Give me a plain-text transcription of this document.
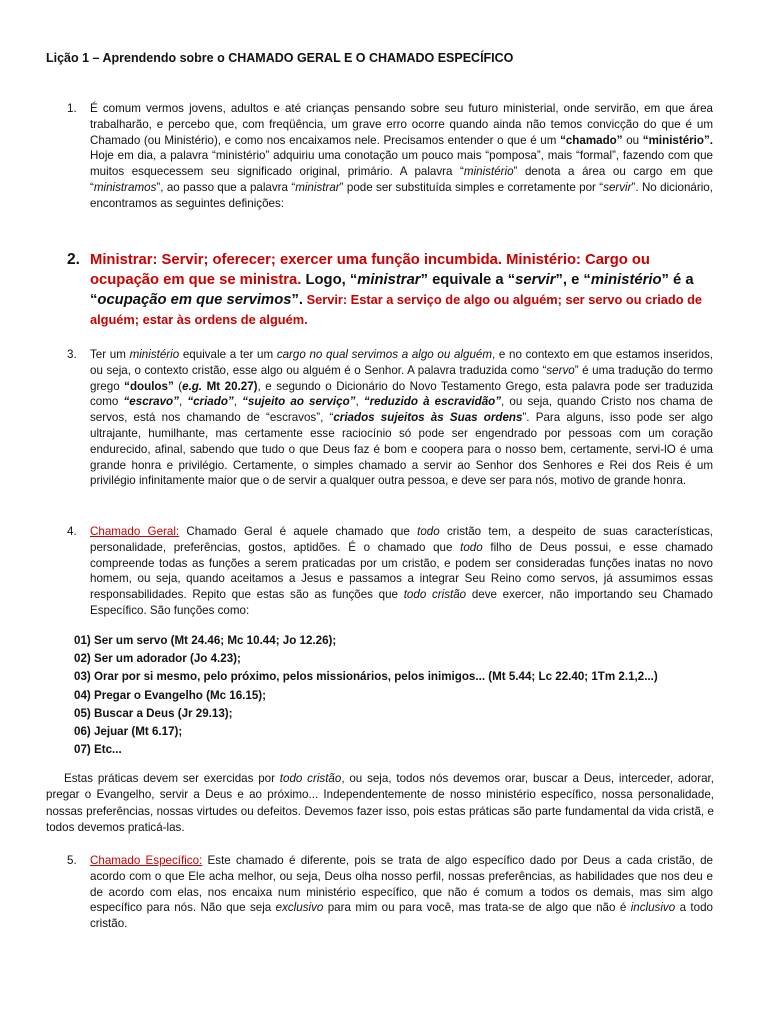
Lição 1 – Aprendendo sobre o CHAMADO GERAL E O CHAMADO ESPECÍFICO
1. É comum vermos jovens, adultos e até crianças pensando sobre seu futuro ministerial, onde servirão, em que área trabalharão, e percebo que, com freqüência, um grave erro ocorre quando ainda não temos convicção do que é um Chamado (ou Ministério), e como nos encaixamos nele. Precisamos entender o que é um “chamado” ou “ministério”. Hoje em dia, a palavra “ministério” adquiriu uma conotação um pouco mais “pomposa”, mais “formal”, fazendo com que muitos esquecessem seu significado original, primário. A palavra “ministério” denota a área ou cargo em que “ministramos”, ao passo que a palavra “ministrar” pode ser substituída simples e corretamente por “servir”. No dicionário, encontramos as seguintes definições:
2. Ministrar: Servir; oferecer; exercer uma função incumbida. Ministério: Cargo ou ocupação em que se ministra. Logo, “ministrar” equivale a “servir”, e “ministério” é a “ocupação em que servimos”. Servir: Estar a serviço de algo ou alguém; ser servo ou criado de alguém; estar às ordens de alguém.
3. Ter um ministério equivale a ter um cargo no qual servimos a algo ou alguém, e no contexto em que estamos inseridos, ou seja, o contexto cristão, esse algo ou alguém é o Senhor. A palavra traduzida como “servo” é uma tradução do termo grego “doulos” (e.g. Mt 20.27), e segundo o Dicionário do Novo Testamento Grego, esta palavra pode ser traduzida como “escravo”, “criado”, “sujeito ao serviço”, “reduzido à escravidão”, ou seja, quando Cristo nos chama de servos, está nos chamando de “escravos”, “criados sujeitos às Suas ordens”. Para alguns, isso pode ser algo ultrajante, humilhante, mas certamente esse raciocínio só pode ser engendrado por pessoas com um coração endurecido, afinal, sabendo que tudo o que Deus faz é bom e coopera para o nosso bem, certamente, servi-lO é uma grande honra e privilégio. Certamente, o simples chamado a servir ao Senhor dos Senhores e Rei dos Reis é um privilégio infinitamente maior que o de servir a qualquer outra pessoa, e deve ser para nós, motivo de grande honra.
4. Chamado Geral: Chamado Geral é aquele chamado que todo cristão tem, a despeito de suas características, personalidade, preferências, gostos, aptidões. É o chamado que todo filho de Deus possui, e esse chamado compreende todas as funções a serem praticadas por um cristão, e podem ser consideradas funções inatas no novo homem, ou seja, quando aceitamos a Jesus e passamos a integrar Seu Reino como servos, já assumimos essas responsabilidades. Repito que estas são as funções que todo cristão deve exercer, não importando seu Chamado Específico. São funções como:
01) Ser um servo (Mt 24.46; Mc 10.44; Jo 12.26);
02) Ser um adorador (Jo 4.23);
03) Orar por si mesmo, pelo próximo, pelos missionários, pelos inimigos... (Mt 5.44; Lc 22.40; 1Tm 2.1,2...)
04) Pregar o Evangelho (Mc 16.15);
05) Buscar a Deus (Jr 29.13);
06) Jejuar (Mt 6.17);
07) Etc...
Estas práticas devem ser exercidas por todo cristão, ou seja, todos nós devemos orar, buscar a Deus, interceder, adorar, pregar o Evangelho, servir a Deus e ao próximo... Independentemente de nosso ministério específico, nossa personalidade, nossas preferências, nossas virtudes ou defeitos. Devemos fazer isso, pois estas práticas são parte fundamental da vida cristã, e todos devemos praticá-las.
5. Chamado Específico: Este chamado é diferente, pois se trata de algo específico dado por Deus a cada cristão, de acordo com o que Ele acha melhor, ou seja, Deus olha nosso perfil, nossas preferências, as habilidades que nos deu e de acordo com elas, nos encaixa num ministério específico, que não é comum a todos os demais, mas sim algo específico para nós. Não que seja exclusivo para mim ou para você, mas trata-se de algo que não é inclusivo a todo cristão.
